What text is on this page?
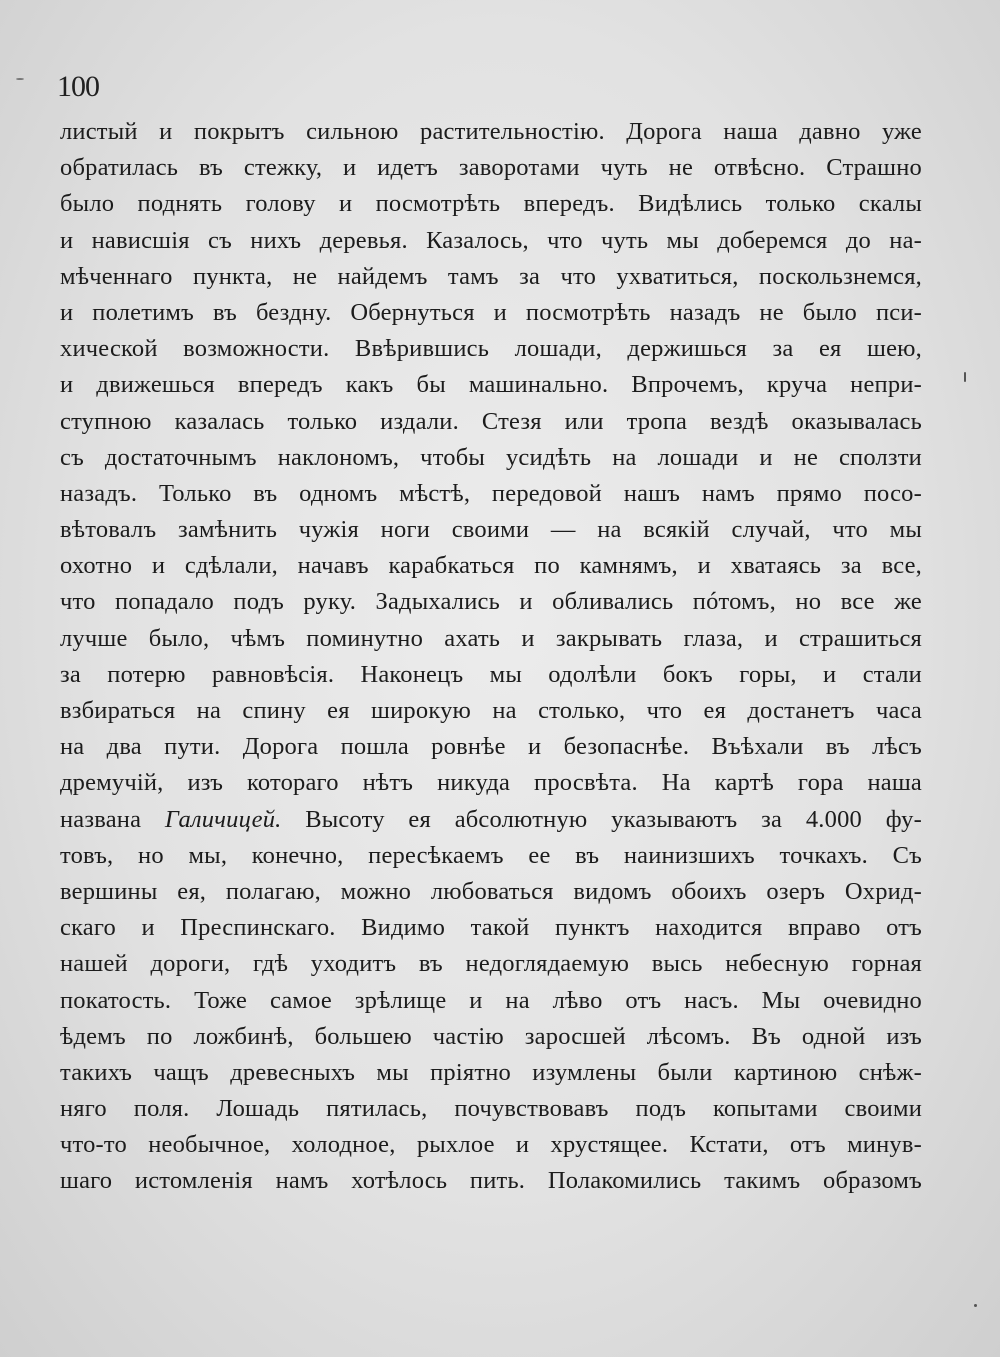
100
листый и покрытъ сильною растительностію. Дорога наша давно уже
обратилась въ стежку, и идетъ заворотами чуть не отвѣсно. Страшно
было поднять голову и посмотрѣть впередъ. Видѣлись только скалы
и нависшія съ нихъ деревья. Казалось, что чуть мы доберемся до на-
мѣченнаго пункта, не найдемъ тамъ за что ухватиться, поскользнемся,
и полетимъ въ бездну. Обернуться и посмотрѣть назадъ не было пси-
хической возможности. Ввѣрившись лошади, держишься за ея шею,
и движешься впередъ какъ бы машинально. Впрочемъ, круча непри-
ступною казалась только издали. Стезя или тропа вездѣ оказывалась
съ достаточнымъ наклономъ, чтобы усидѣть на лошади и не сползти
назадъ. Только въ одномъ мѣстѣ, передовой нашъ намъ прямо посо-
вѣтовалъ замѣнить чужія ноги своими — на всякій случай, что мы
охотно и сдѣлали, начавъ карабкаться по камнямъ, и хватаясь за все,
что попадало подъ руку. Задыхались и обливались пóтомъ, но все же
лучше было, чѣмъ поминутно ахать и закрывать глаза, и страшиться
за потерю равновѣсія. Наконецъ мы одолѣли бокъ горы, и стали
взбираться на спину ея широкую на столько, что ея достанетъ часа
на два пути. Дорога пошла ровнѣе и безопаснѣе. Въѣхали въ лѣсъ
дремучій, изъ котораго нѣтъ никуда просвѣта. На картѣ гора наша
названа Галичицей. Высоту ея абсолютную указываютъ за 4.000 фу-
товъ, но мы, конечно, пересѣкаемъ ее въ наинизшихъ точкахъ. Съ
вершины ея, полагаю, можно любоваться видомъ обоихъ озеръ Охрид-
скаго и Преспинскаго. Видимо такой пунктъ находится вправо отъ
нашей дороги, гдѣ уходитъ въ недоглядаемую высь небесную горная
покатость. Тоже самое зрѣлище и на лѣво отъ насъ. Мы очевидно
ѣдемъ по ложбинѣ, большею частію заросшей лѣсомъ. Въ одной изъ
такихъ чащъ древесныхъ мы пріятно изумлены были картиною снѣж-
няго поля. Лошадь пятилась, почувствовавъ подъ копытами своими
что-то необычное, холодное, рыхлое и хрустящее. Кстати, отъ минув-
шаго истомленія намъ хотѣлось пить. Полакомились такимъ образомъ
